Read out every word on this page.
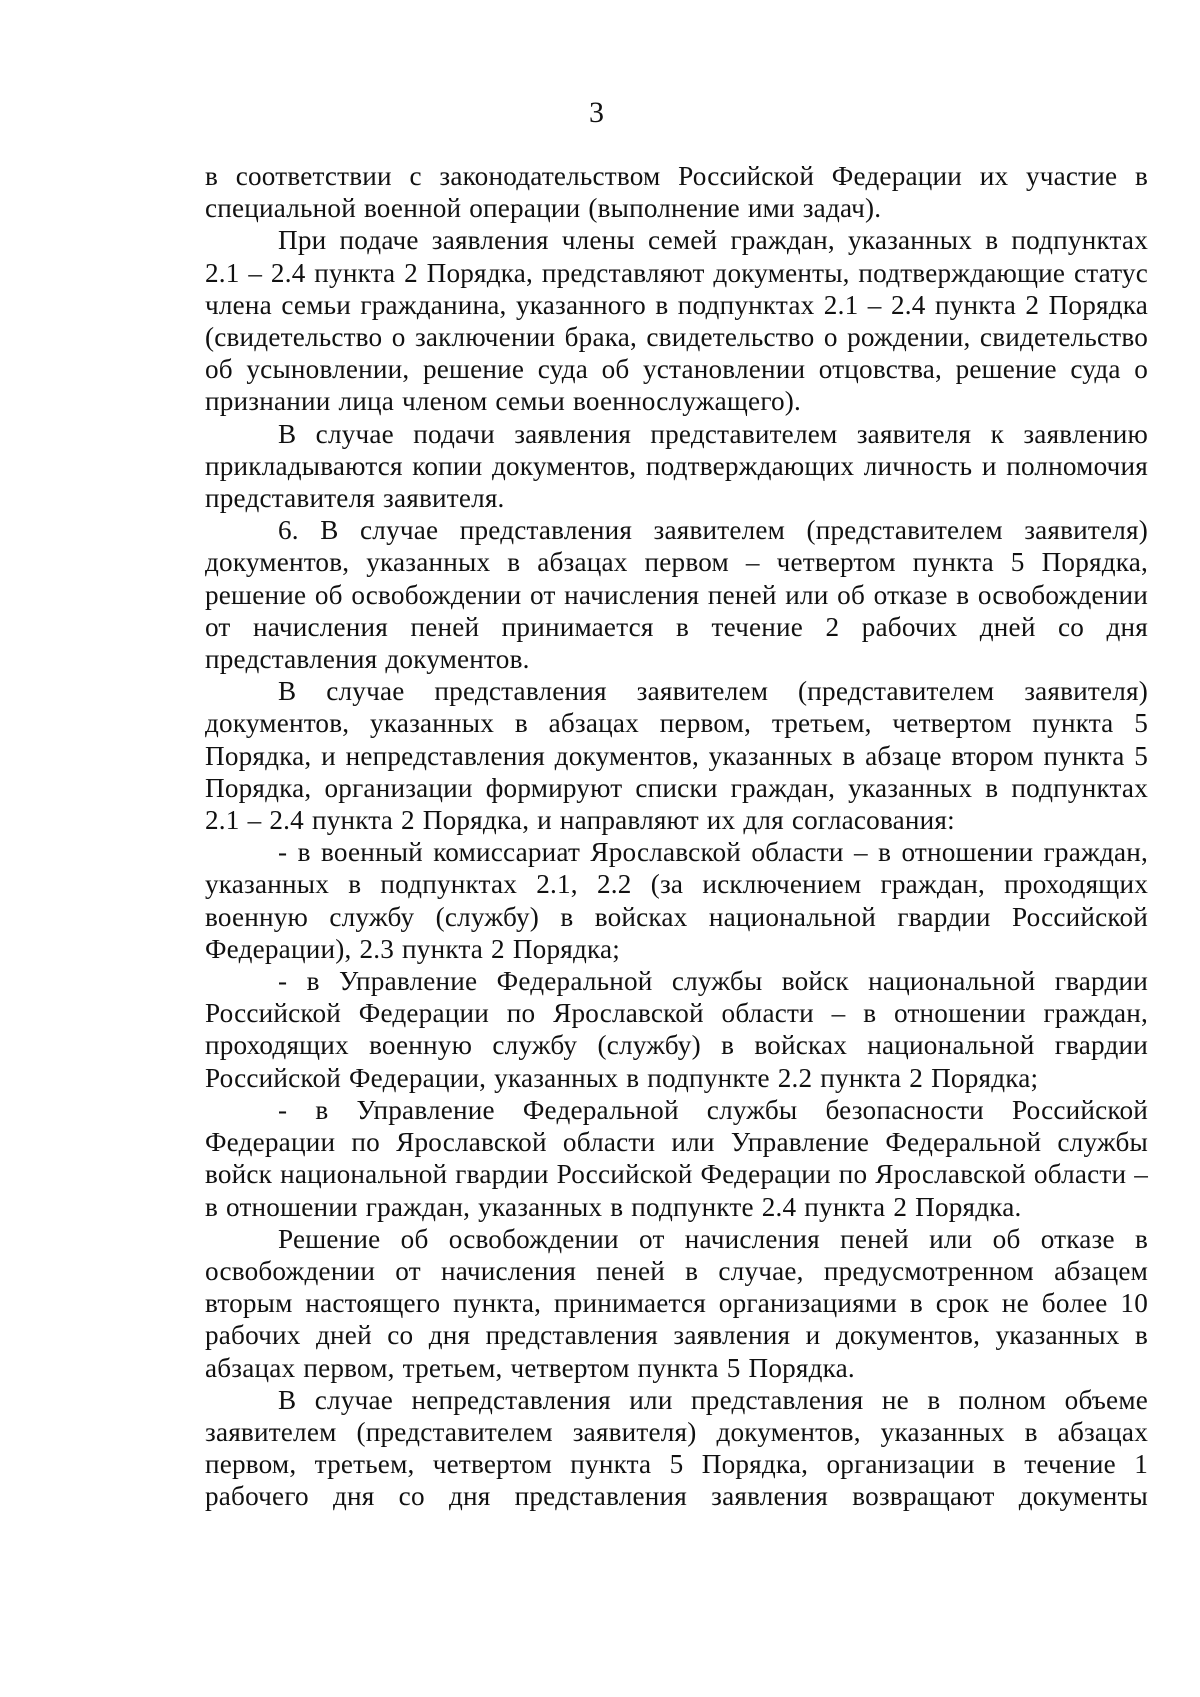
3

в соответствии с законодательством Российской Федерации их участие в специальной военной операции (выполнение ими задач).

При подаче заявления члены семей граждан, указанных в подпунктах 2.1 – 2.4 пункта 2 Порядка, представляют документы, подтверждающие статус члена семьи гражданина, указанного в подпунктах 2.1 – 2.4 пункта 2 Порядка (свидетельство о заключении брака, свидетельство о рождении, свидетельство об усыновлении, решение суда об установлении отцовства, решение суда о признании лица членом семьи военнослужащего).

В случае подачи заявления представителем заявителя к заявлению прикладываются копии документов, подтверждающих личность и полномочия представителя заявителя.

6. В случае представления заявителем (представителем заявителя) документов, указанных в абзацах первом – четвертом пункта 5 Порядка, решение об освобождении от начисления пеней или об отказе в освобождении от начисления пеней принимается в течение 2 рабочих дней со дня представления документов.

В случае представления заявителем (представителем заявителя) документов, указанных в абзацах первом, третьем, четвертом пункта 5 Порядка, и непредставления документов, указанных в абзаце втором пункта 5 Порядка, организации формируют списки граждан, указанных в подпунктах 2.1 – 2.4 пункта 2 Порядка, и направляют их для согласования:

- в военный комиссариат Ярославской области – в отношении граждан, указанных в подпунктах 2.1, 2.2 (за исключением граждан, проходящих военную службу (службу) в войсках национальной гвардии Российской Федерации), 2.3 пункта 2 Порядка;

- в Управление Федеральной службы войск национальной гвардии Российской Федерации по Ярославской области – в отношении граждан, проходящих военную службу (службу) в войсках национальной гвардии Российской Федерации, указанных в подпункте 2.2 пункта 2 Порядка;

- в Управление Федеральной службы безопасности Российской Федерации по Ярославской области или Управление Федеральной службы войск национальной гвардии Российской Федерации по Ярославской области – в отношении граждан, указанных в подпункте 2.4 пункта 2 Порядка.

Решение об освобождении от начисления пеней или об отказе в освобождении от начисления пеней в случае, предусмотренном абзацем вторым настоящего пункта, принимается организациями в срок не более 10 рабочих дней со дня представления заявления и документов, указанных в абзацах первом, третьем, четвертом пункта 5 Порядка.

В случае непредставления или представления не в полном объеме заявителем (представителем заявителя) документов, указанных в абзацах первом, третьем, четвертом пункта 5 Порядка, организации в течение 1 рабочего дня со дня представления заявления возвращают документы
